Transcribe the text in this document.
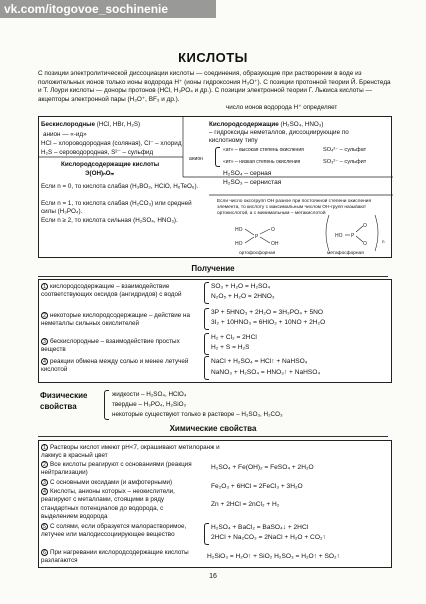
vk.com/itogovoe_sochinenie
КИСЛОТЫ
С позиции электролитической диссоциации кислоты — соединения, образующие при растворении в воде из положительных ионов только ионы водорода H⁺ (ионы гидроксония H₃O⁺). С позиции протонной теории Й. Бренстеда и Т. Лоури кислоты — доноры протонов (HCl, H₃PO₄ и др.). С позиции электронной теории Г. Льюиса кислоты — акцепторы электронной пары (H₃O⁺, BF₃ и др.).
число ионов водорода H⁺ определяет
Бескислородные (HCl, HBr, H₂S)
анион — «-ид»
HCl – хлороводородная (соляная), Cl⁻ – хлорид
H₂S – сероводородная, S²⁻ – сульфид
Кислородсодержащие кислоты
Э(OH)ₙOₘ
Если n = 0, то кислота слабая (H₃BO₃, HClO, H₆TeO₆).
Если n = 1, то кислота слабая (H₂CO₃) или средней силы (H₃PO₄).
Если n ≥ 2, то кислота сильная (H₂SO₄, HNO₃).
Кислородсодержащие (H₂SO₄, HNO₃)
– гидроксиды неметаллов, диссоциирующие по кислотному типу
анион
«ат» – высокая степень окисления
«ит» – низкая степень окисления
SO₄²⁻ – сульфат
SO₃²⁻ – сульфит
H₂SO₄ – серная
H₂SO₃ – сернистая
Если число оксогрупп OH разное при постоянной степени окисления элемента, то кислоту с максимальным числом OH-групп называют ортокислотой, а с минимальным – метакислотой
HO
HO
P
O
OH
HO P
O
O	n
ортофосфорная	метафосфорная
Получение
1 кислородсодержащие – взаимодействие соответствующих оксидов (ангидридов) с водой
2 некоторые кислородсодержащие – действие на неметаллы сильных окислителей
3 бескислородные – взаимодействие простых веществ
4 реакции обмена между солью и менее летучей кислотой
SO₃ + H₂O = H₂SO₄
N₂O₅ + H₂O = 2HNO₃
3P + 5HNO₃ + 2H₂O = 3H₃PO₄ + 5NO
3I₂ + 10HNO₃ = 6HIO₃ + 10NO + 2H₂O
H₂ + Cl₂ = 2HCl
H₂ + S = H₂S
NaCl + H₂SO₄ = HCl↑ + NaHSO₄
NaNO₃ + H₂SO₄ = HNO₃↑ + NaHSO₄
Физические
свойства
жидкости – H₂SO₄, HClO₄
твердые – H₃PO₄, H₂SiO₃
некоторые существуют только в растворе – H₂SO₃, H₂CO₃
Химические свойства
1 Растворы кислот имеют pH<7, окрашивают метилоранж и лакмус в красный цвет
2 Все кислоты реагируют с основаниями (реакция нейтрализации)
3 С основными оксидами (и амфотерными)
4 Кислоты, анионы которых – неокислители, реагируют с металлами, стоящими в ряду стандартных потенциалов до водорода, с выделением водорода
5 С солями, если образуется малорастворимое, летучее или малодиссоциирующее вещество
6 При нагревании кислородсодержащие кислоты разлагаются
H₂SO₄ + Fe(OH)₂ = FeSO₄ + 2H₂O
Fe₂O₃ + 6HCl = 2FeCl₃ + 3H₂O
Zn + 2HCl = 2nCl₂ + H₂
H₂SO₄ + BaCl₂ = BaSO₄↓ + 2HCl
2HCl + Na₂CO₃ = 2NaCl + H₂O + CO₂↑
H₂SiO₃ = H₂O↑ + SiO₂ H₂SO₃ = H₂O↑ + SO₂↑
16
